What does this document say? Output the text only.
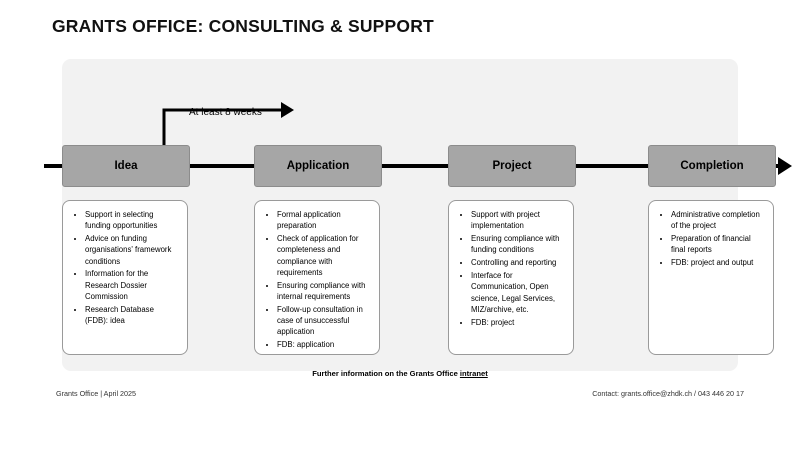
GRANTS OFFICE: CONSULTING & SUPPORT
At least 8 weeks
Idea	Application	Project	Completion
• Support in selecting funding opportunities
• Advice on funding organisations' framework conditions
• Information for the Research Dossier Commission
• Research Database (FDB): idea
• Formal application preparation
• Check of application for completeness and compliance with requirements
• Ensuring compliance with internal requirements
• Follow-up consultation in case of unsuccessful application
• FDB: application
• Support with project implementation
• Ensuring compliance with funding conditions
• Controlling and reporting
• Interface for Communication, Open science, Legal Services, MIZ/archive, etc.
• FDB: project
• Administrative completion of the project
• Preparation of financial final reports
• FDB: project and output
Further information on the Grants Office intranet
Grants Office | April 2025	Contact: grants.office@zhdk.ch / 043 446 20 17
